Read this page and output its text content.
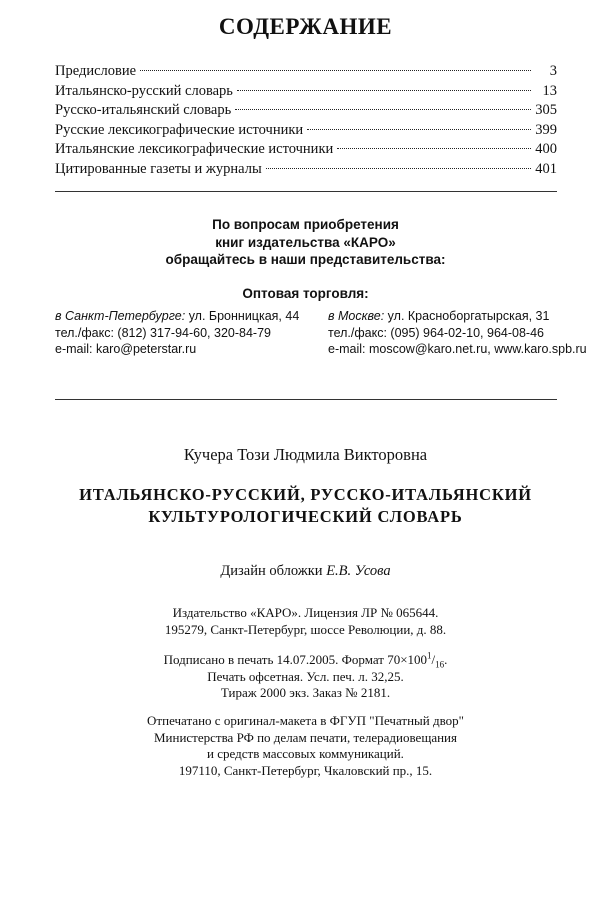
СОДЕРЖАНИЕ
Предисловие	3
Итальянско-русский словарь	13
Русско-итальянский словарь	305
Русские лексикографические источники	399
Итальянские лексикографические источники	400
Цитированные газеты и журналы	401
По вопросам приобретения
книг издательства «КАРО»
обращайтесь в наши представительства:
Оптовая торговля:
в Санкт-Петербурге: ул. Бронницкая, 44
тел./факс: (812) 317-94-60, 320-84-79
e-mail: karo@peterstar.ru
в Москве: ул. Красноборгатырская, 31
тел./факс: (095) 964-02-10, 964-08-46
e-mail: moscow@karo.net.ru, www.karo.spb.ru
Кучера Този Людмила Викторовна
ИТАЛЬЯНСКО-РУССКИЙ, РУССКО-ИТАЛЬЯНСКИЙ
КУЛЬТУРОЛОГИЧЕСКИЙ СЛОВАРЬ
Дизайн обложки Е.В. Усова
Издательство «КАРО». Лицензия ЛР № 065644.
195279, Санкт-Петербург, шоссе Революции, д. 88.
Подписано в печать 14.07.2005. Формат $70\times 100^1/_{16}$.
Печать офсетная. Усл. печ. л. 32,25.
Тираж 2000 экз. Заказ № 2181.
Отпечатано с оригинал-макета в ФГУП "Печатный двор"
Министерства РФ по делам печати, телерадиовещания
и средств массовых коммуникаций.
197110, Санкт-Петербург, Чкаловский пр., 15.
